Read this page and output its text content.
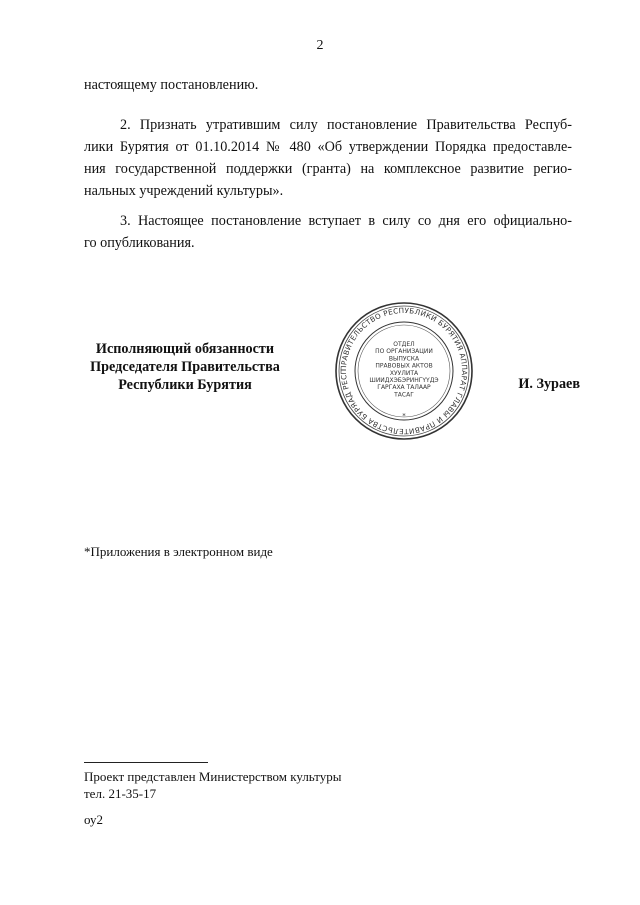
2
настоящему постановлению.
2. Признать утратившим силу постановление Правительства Респуб-
лики Бурятия от 01.10.2014 № 480 «Об утверждении Порядка предоставле-
ния государственной поддержки (гранта) на комплексное развитие регио-
нальных учреждений культуры».
3. Настоящее постановление вступает в силу со дня его официально-
го опубликования.
Исполняющий обязанности
Председателя Правительства
Республики Бурятия
ПРАВИТЕЛЬСТВО РЕСПУБЛИКИ БУРЯТИЯ АППАРАТ ГЛАВЫ И ПРАВИТЕЛЬСТВА БУРЯАД РЕСП
ОТДЕЛ
ПО ОРГАНИЗАЦИИ
ВЫПУСКА
ПРАВОВЫХ АКТОВ
ХУУЛИТА
ШИИДХЭБЭРИНГҮҮДЭ
ГАРГАХА ТАЛААР
ТАСАГ
*
И. Зураев
*Приложения в электронном виде
Проект представлен Министерством культуры
тел. 21-35-17
оу2
